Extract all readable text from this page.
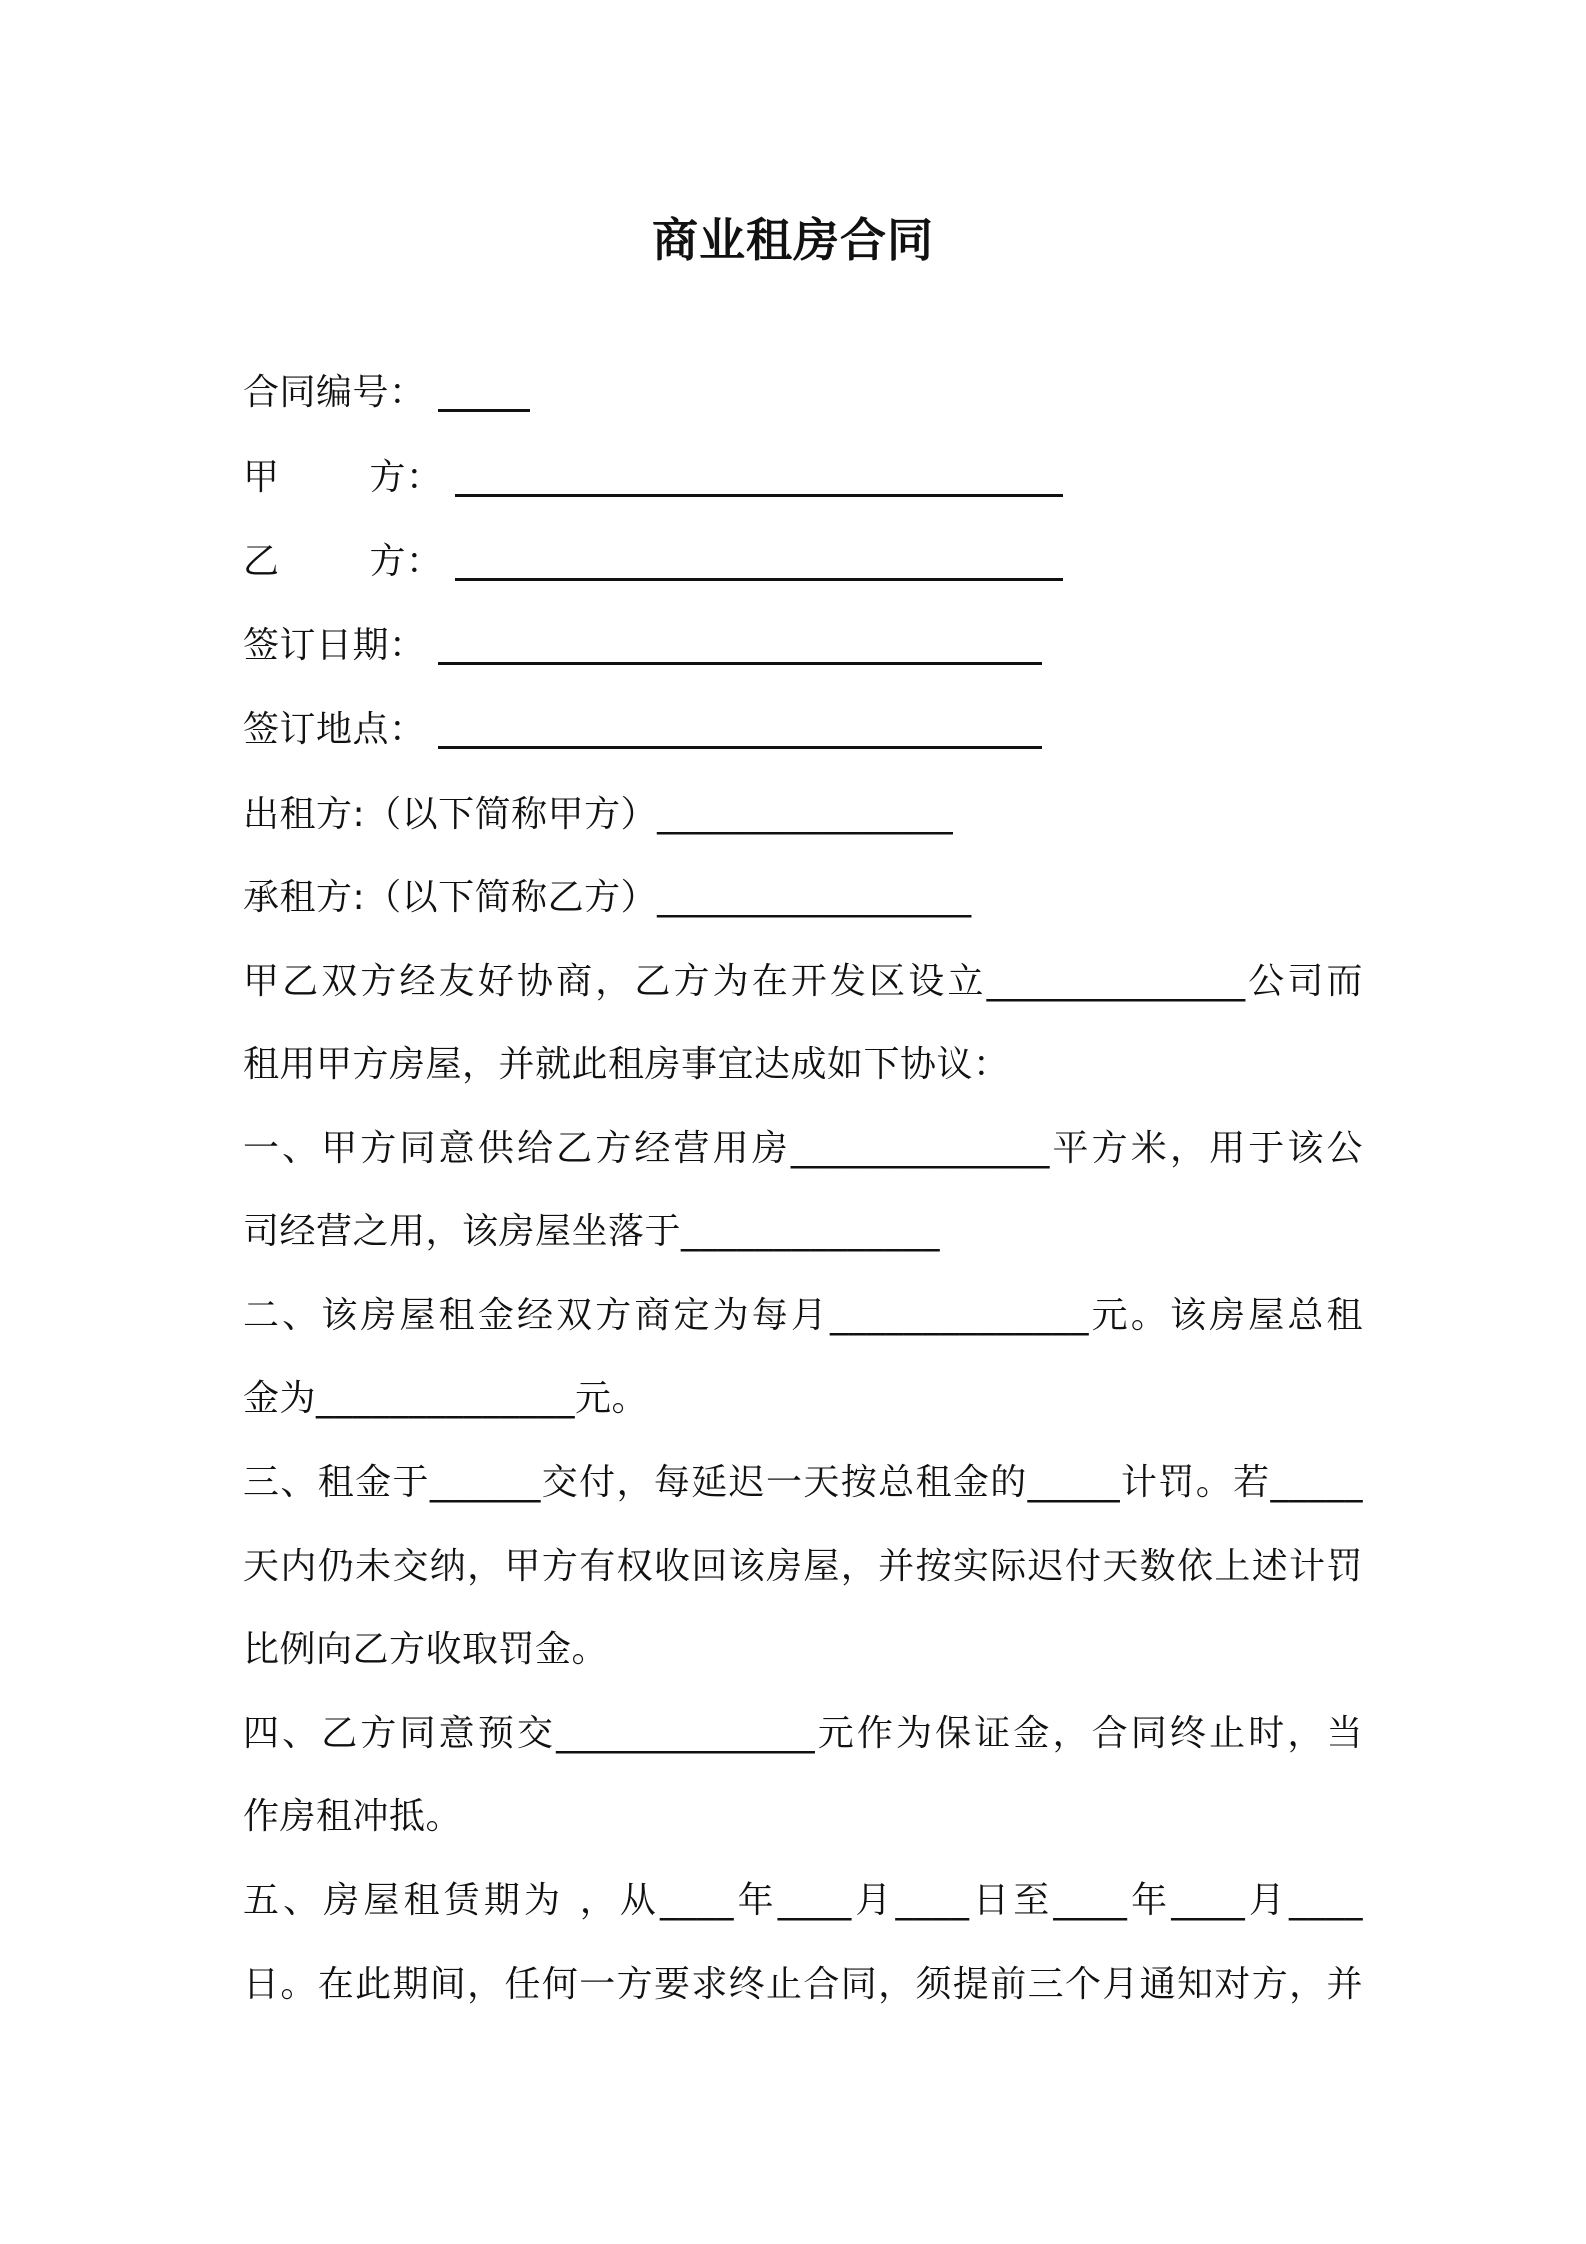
商业租房合同
合同编号：
甲	方：
乙	方：
签订日期：
签订地点：
出租方:（以下简称甲方）________________
承租方:（以下简称乙方）_________________
甲乙双方经友好协商，乙方为在开发区设立______________公司而
租用甲方房屋，并就此租房事宜达成如下协议：
一、甲方同意供给乙方经营用房______________平方米，用于该公
司经营之用，该房屋坐落于______________
二、该房屋租金经双方商定为每月______________元。该房屋总租
金为______________元。
三、租金于______交付，每延迟一天按总租金的_____计罚。若_____
天内仍未交纳，甲方有权收回该房屋，并按实际迟付天数依上述计罚
比例向乙方收取罚金。
四、乙方同意预交______________元作为保证金，合同终止时，当
作房租冲抵。
五、房屋租赁期为 ，从____年____月____日至____年____月____
日。在此期间，任何一方要求终止合同，须提前三个月通知对方，并
